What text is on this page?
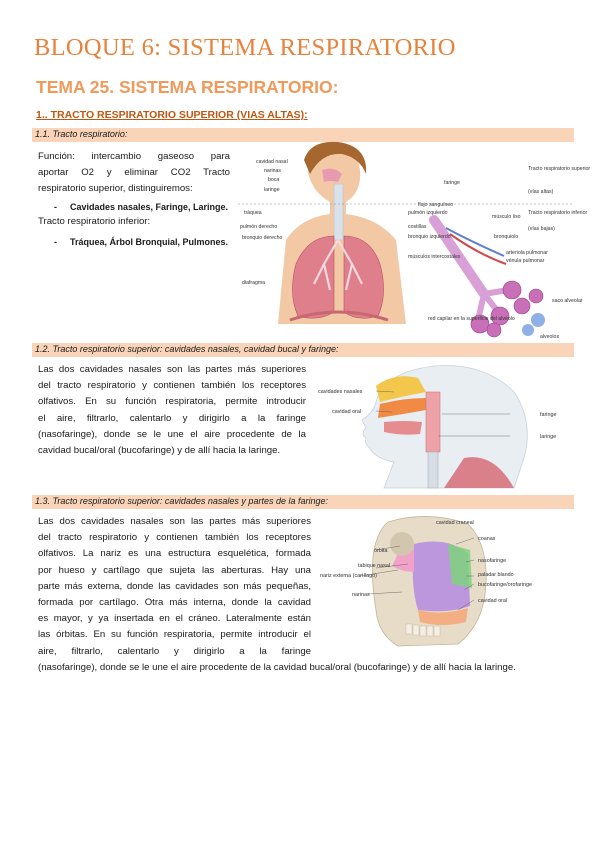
BLOQUE 6: SISTEMA RESPIRATORIO
TEMA 25. SISTEMA RESPIRATORIO:
1.. TRACTO RESPIRATORIO SUPERIOR (VIAS ALTAS):
1.1. Tracto respiratorio:
Función: intercambio gaseoso para
aportar O2 y eliminar CO2 Tracto
respiratorio superior, distinguiremos:
- Cavidades nasales, Faringe, Laringe.
Tracto respiratorio inferior:
- Tráquea, Árbol Bronquial, Pulmones.
cavidad nasal
narinas
boca
laringe
faringe
Tracto respiratorio superior
(vías altas)
tráquea
pulmón derecho
bronquio derecho
diafragma
pulmón izquierdo
costillas
bronquio izquierdo
músculos intercostales
flujo sanguíneo
músculo liso
bronquiolo
Tracto respiratorio inferior
(vías bajas)
arteriola pulmonar
vénula pulmonar
saco alveolar
red capilar en la superficie del alvéolo
alveolos
1.2. Tracto respiratorio superior: cavidades nasales, cavidad bucal y faringe:
Las dos cavidades nasales son las partes más superiores
del tracto respiratorio y contienen también los receptores
olfativos. En su función respiratoria, permite introducir
el aire, filtrarlo, calentarlo y dirigirlo a la faringe
(nasofaringe), donde se le une el aire procedente de la
cavidad bucal/oral (bucofaringe) y de allí hacia la laringe.
cavidades nasales
cavidad oral	faringe
laringe
1.3. Tracto respiratorio superior: cavidades nasales y partes de la faringe:
Las dos cavidades nasales son las partes más superiores
del tracto respiratorio y contienen también los receptores
olfativos. La nariz es una estructura esquelética, formada
por hueso y cartílago que sujeta las aberturas. Hay una
parte más externa, donde las cavidades son más pequeñas,
formada por cartílago. Otra más interna, donde la cavidad
es mayor, y ya insertada en el cráneo. Lateralmente están
las órbitas. En su función respiratoria, permite introducir el
aire, filtrarlo, calentarlo y dirigirlo a la faringe
(nasofaringe), donde se le une el aire procedente de la cavidad bucal/oral (bucofaringe) y de allí hacia la laringe.
cavidad craneal
órbita
coanas
tabique nasal
nasofaringe
nariz externa (cartílago)	paladar blando
bucofaringe/orofaringe
narinas
cavidad oral
